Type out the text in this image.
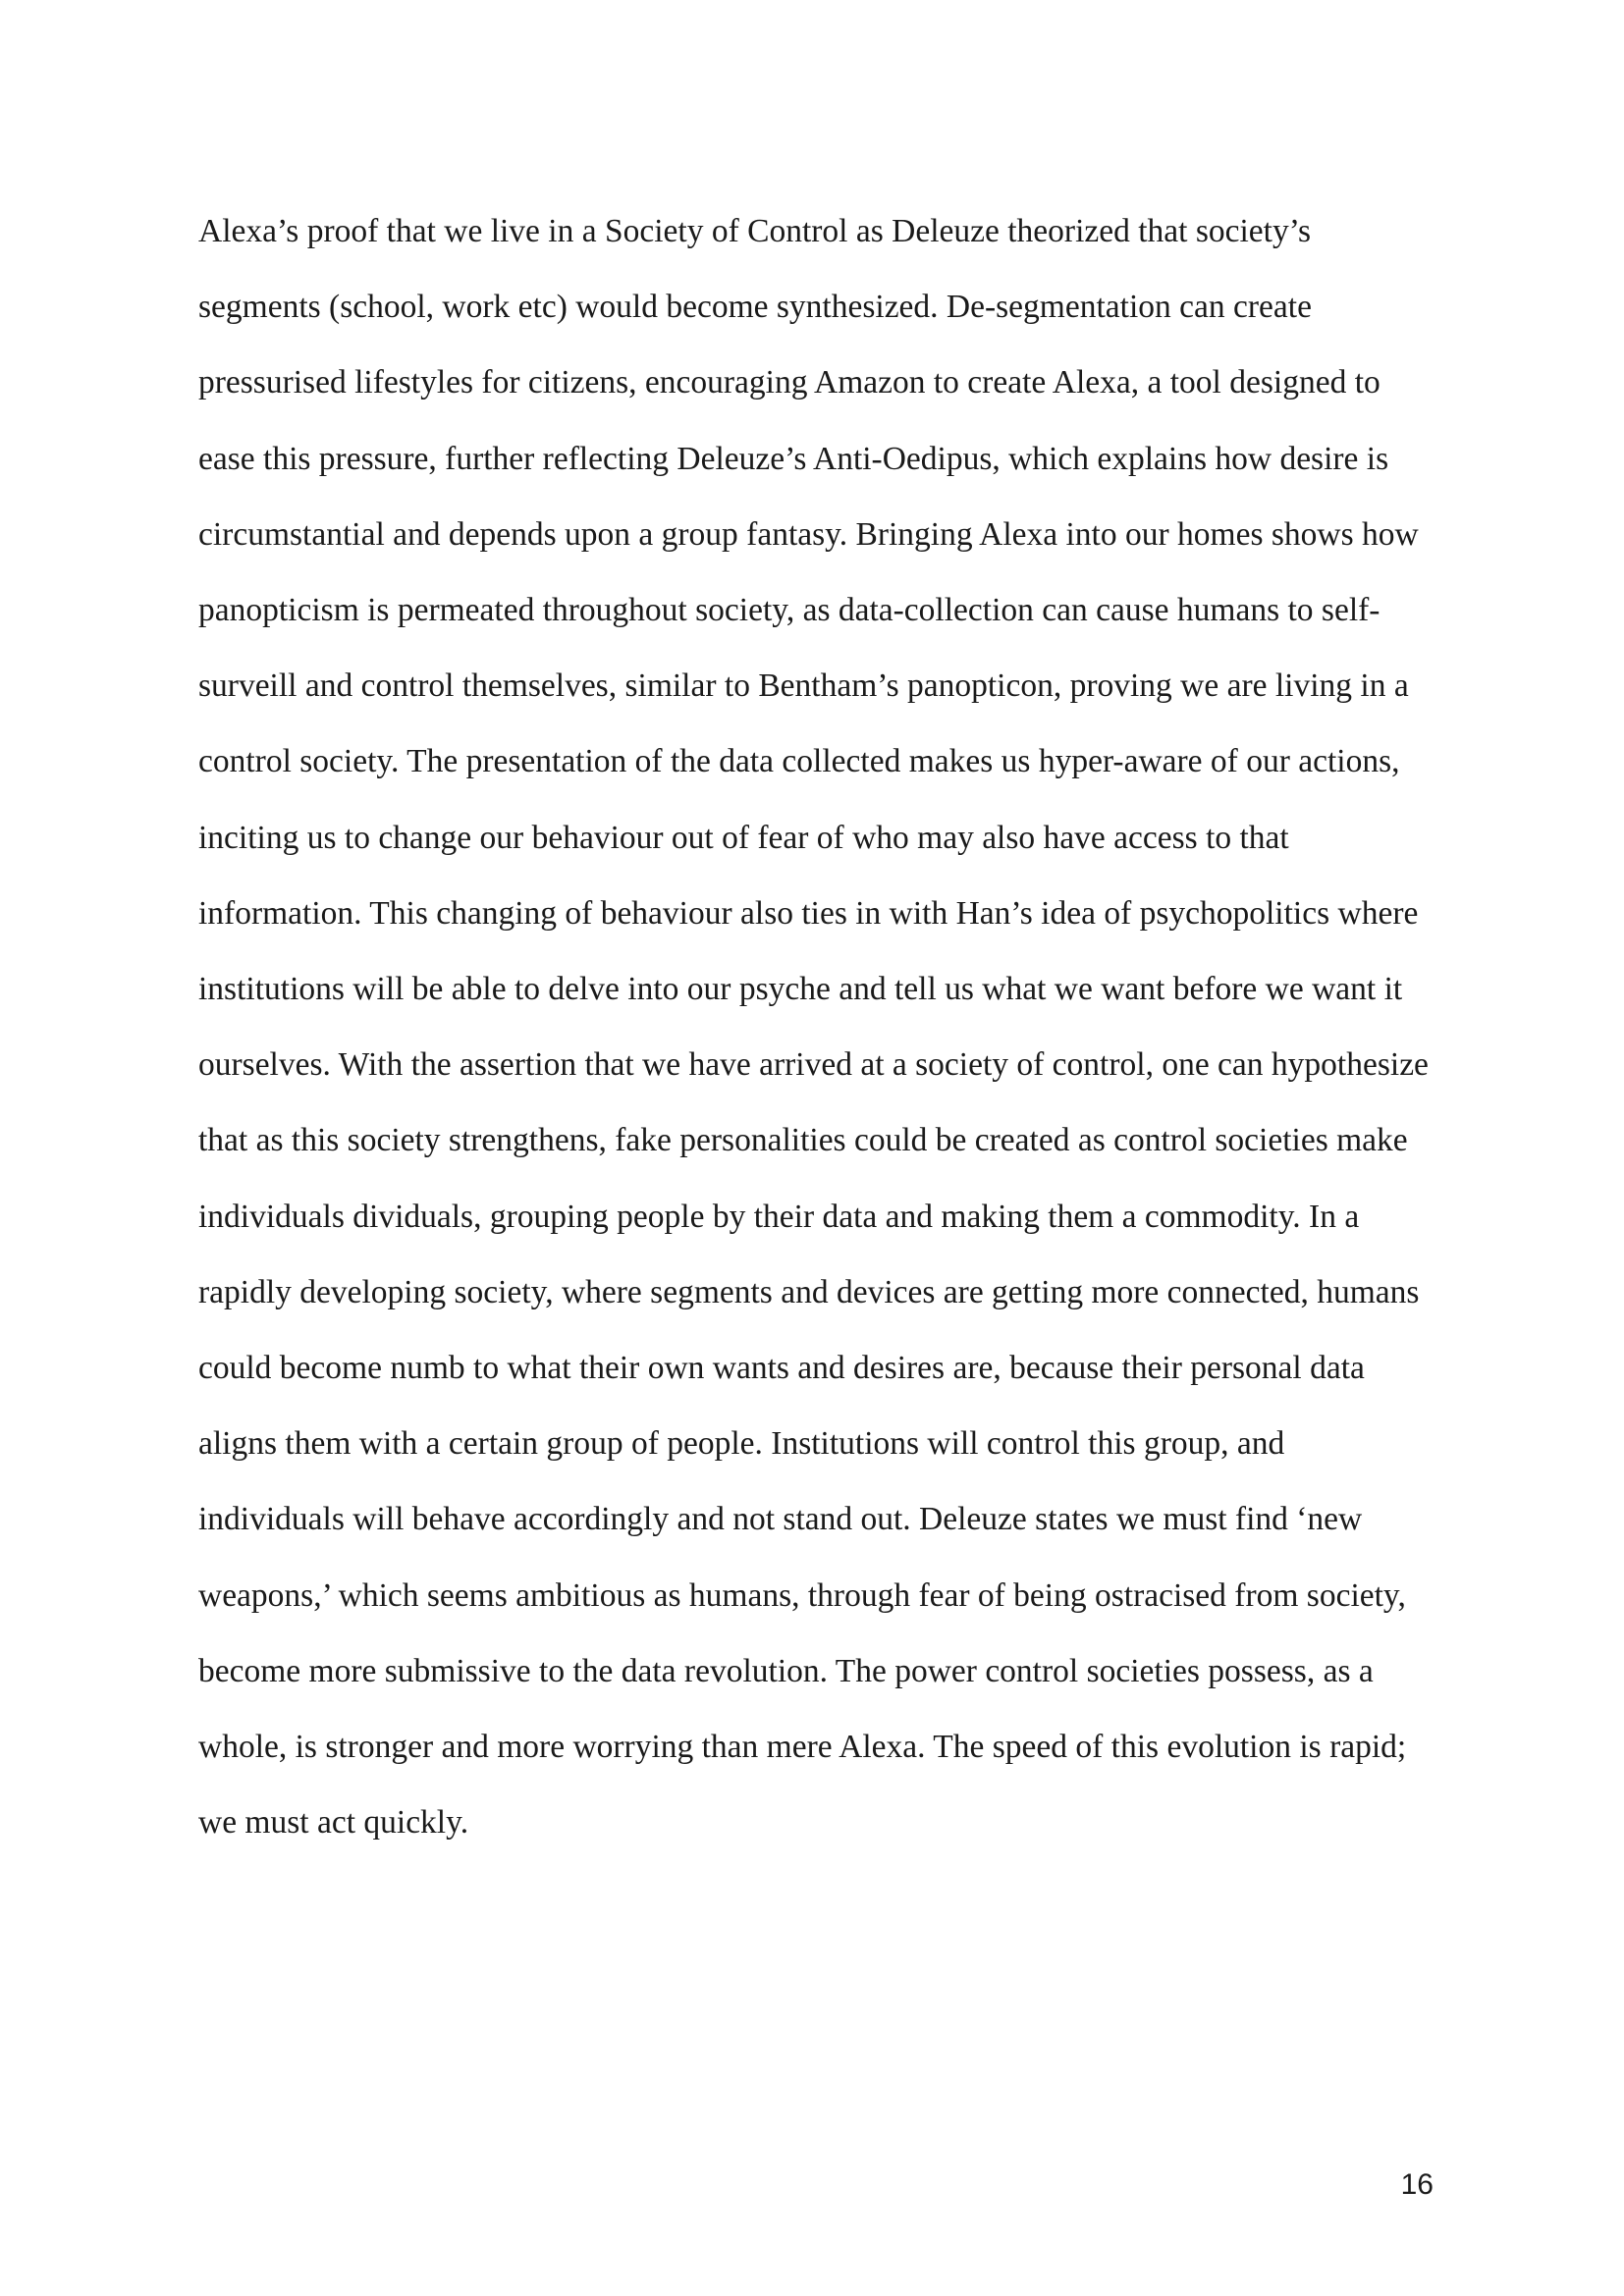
Alexa’s proof that we live in a Society of Control as Deleuze theorized that society’s
segments (school, work etc) would become synthesized. De-segmentation can create
pressurised lifestyles for citizens, encouraging Amazon to create Alexa, a tool designed to
ease this pressure, further reflecting Deleuze’s Anti-Oedipus, which explains how desire is
circumstantial and depends upon a group fantasy. Bringing Alexa into our homes shows how
panopticism is permeated throughout society, as data-collection can cause humans to self-
surveill and control themselves, similar to Bentham’s panopticon, proving we are living in a
control society. The presentation of the data collected makes us hyper-aware of our actions,
inciting us to change our behaviour out of fear of who may also have access to that
information. This changing of behaviour also ties in with Han’s idea of psychopolitics where
institutions will be able to delve into our psyche and tell us what we want before we want it
ourselves. With the assertion that we have arrived at a society of control, one can hypothesize
that as this society strengthens, fake personalities could be created as control societies make
individuals dividuals, grouping people by their data and making them a commodity. In a
rapidly developing society, where segments and devices are getting more connected, humans
could become numb to what their own wants and desires are, because their personal data
aligns them with a certain group of people. Institutions will control this group, and
individuals will behave accordingly and not stand out. Deleuze states we must find ‘new
weapons,’ which seems ambitious as humans, through fear of being ostracised from society,
become more submissive to the data revolution. The power control societies possess, as a
whole, is stronger and more worrying than mere Alexa. The speed of this evolution is rapid;
we must act quickly.

16
